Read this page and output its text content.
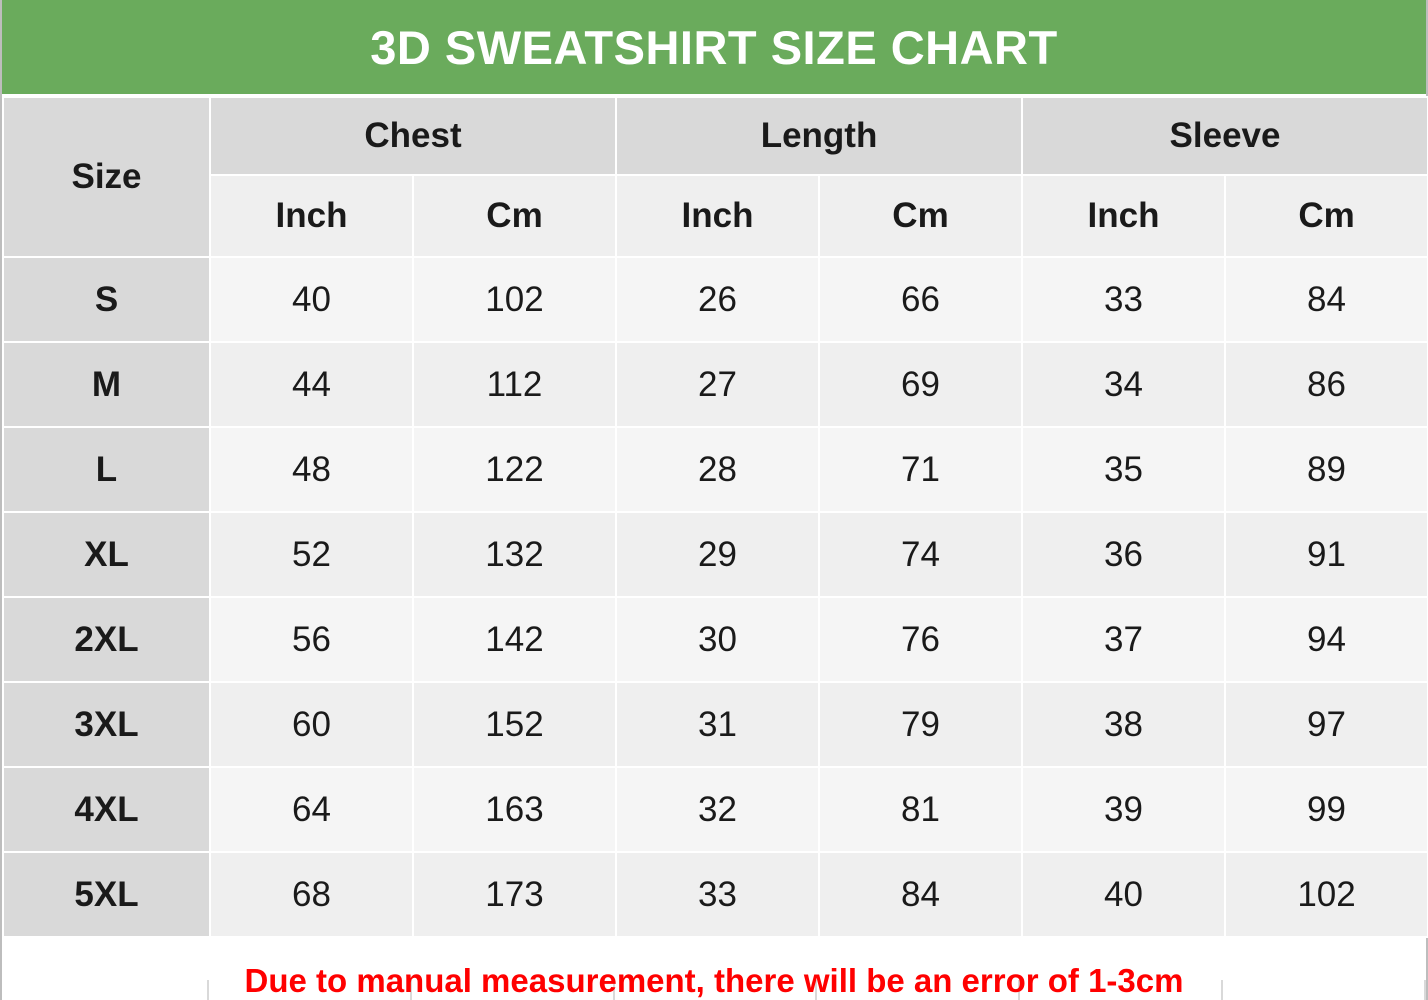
3D SWEATSHIRT SIZE CHART
Size	Chest		Length		Sleeve	
	Inch	Cm	Inch	Cm	Inch	Cm
S	40	102	26	66	33	84
M	44	112	27	69	34	86
L	48	122	28	71	35	89
XL	52	132	29	74	36	91
2XL	56	142	30	76	37	94
3XL	60	152	31	79	38	97
4XL	64	163	32	81	39	99
5XL	68	173	33	84	40	102
Due to manual measurement, there will be an error of 1-3cm
